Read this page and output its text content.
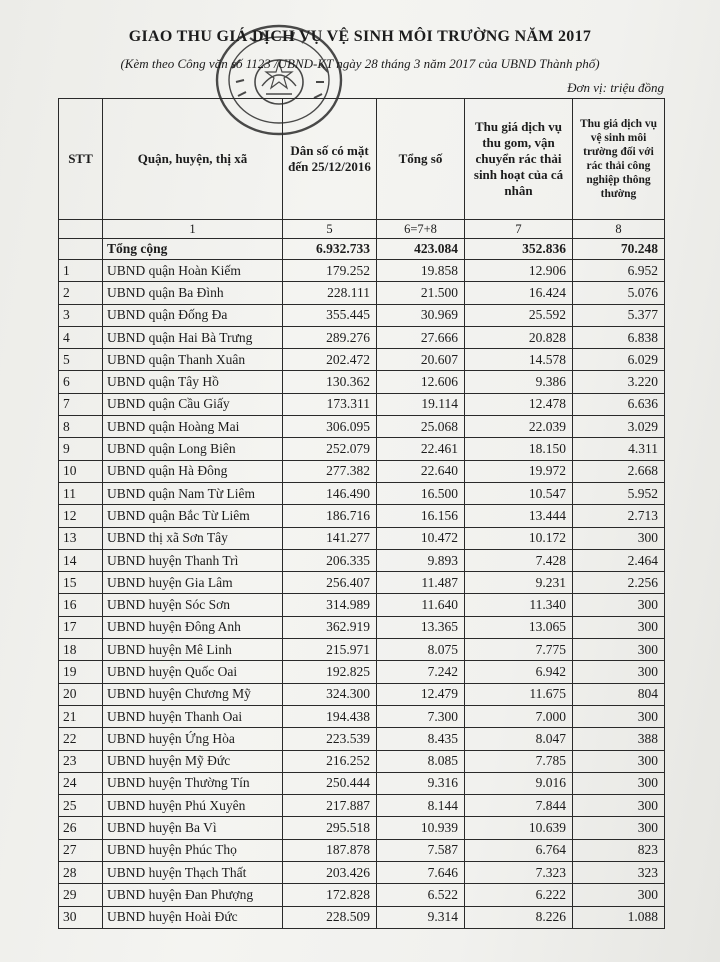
GIAO THU GIÁ DỊCH VỤ VỆ SINH MÔI TRƯỜNG NĂM 2017
(Kèm theo Công văn số 1123 /UBND-KT ngày 28 tháng 3 năm 2017 của UBND Thành phố)
Đơn vị: triệu đồng
STT	Quận, huyện, thị xã	Dân số có mặt đến 25/12/2016	Tổng số	Thu giá dịch vụ thu gom, vận chuyển rác thải sinh hoạt của cá nhân	Thu giá dịch vụ vệ sinh môi trường đối với rác thải công nghiệp thông thường
	1	5	6=7+8	7	8
	Tổng cộng	6.932.733	423.084	352.836	70.248
1	UBND quận Hoàn Kiếm	179.252	19.858	12.906	6.952
2	UBND quận Ba Đình	228.111	21.500	16.424	5.076
3	UBND quận Đống Đa	355.445	30.969	25.592	5.377
4	UBND quận Hai Bà Trưng	289.276	27.666	20.828	6.838
5	UBND quận Thanh Xuân	202.472	20.607	14.578	6.029
6	UBND quận Tây Hồ	130.362	12.606	9.386	3.220
7	UBND quận Cầu Giấy	173.311	19.114	12.478	6.636
8	UBND quận Hoàng Mai	306.095	25.068	22.039	3.029
9	UBND quận Long Biên	252.079	22.461	18.150	4.311
10	UBND quận Hà Đông	277.382	22.640	19.972	2.668
11	UBND quận Nam Từ Liêm	146.490	16.500	10.547	5.952
12	UBND quận Bắc Từ Liêm	186.716	16.156	13.444	2.713
13	UBND thị xã Sơn Tây	141.277	10.472	10.172	300
14	UBND huyện Thanh Trì	206.335	9.893	7.428	2.464
15	UBND huyện Gia Lâm	256.407	11.487	9.231	2.256
16	UBND huyện Sóc Sơn	314.989	11.640	11.340	300
17	UBND huyện Đông Anh	362.919	13.365	13.065	300
18	UBND huyện Mê Linh	215.971	8.075	7.775	300
19	UBND huyện Quốc Oai	192.825	7.242	6.942	300
20	UBND huyện Chương Mỹ	324.300	12.479	11.675	804
21	UBND huyện Thanh Oai	194.438	7.300	7.000	300
22	UBND huyện Ứng Hòa	223.539	8.435	8.047	388
23	UBND huyện Mỹ Đức	216.252	8.085	7.785	300
24	UBND huyện Thường Tín	250.444	9.316	9.016	300
25	UBND huyện Phú Xuyên	217.887	8.144	7.844	300
26	UBND huyện Ba Vì	295.518	10.939	10.639	300
27	UBND huyện Phúc Thọ	187.878	7.587	6.764	823
28	UBND huyện Thạch Thất	203.426	7.646	7.323	323
29	UBND huyện Đan Phượng	172.828	6.522	6.222	300
30	UBND huyện Hoài Đức	228.509	9.314	8.226	1.088
